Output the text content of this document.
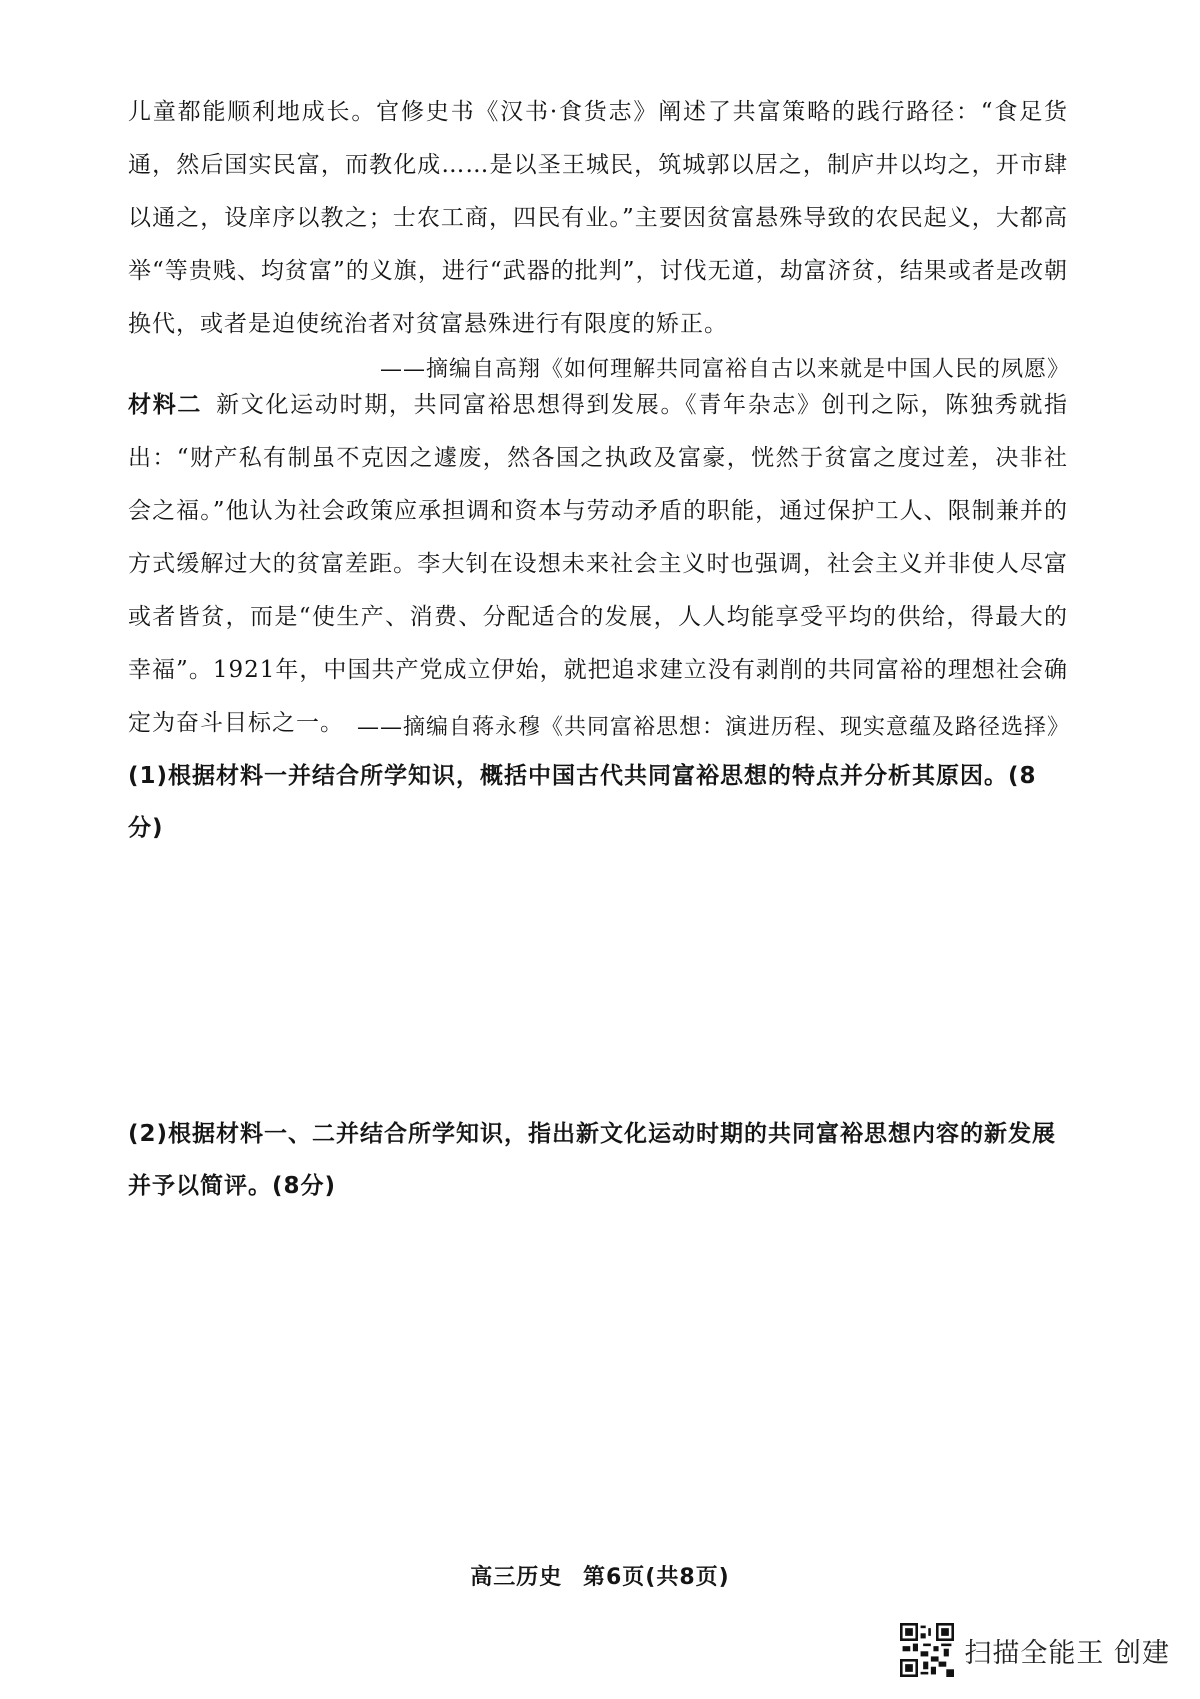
儿童都能顺利地成长。官修史书《汉书·食货志》阐述了共富策略的践行路径：“食足货通，然后国实民富，而教化成……是以圣王城民，筑城郭以居之，制庐井以均之，开市肆以通之，设庠序以教之；士农工商，四民有业。”主要因贫富悬殊导致的农民起义，大都高举“等贵贱、均贫富”的义旗，进行“武器的批判”，讨伐无道，劫富济贫，结果或者是改朝换代，或者是迫使统治者对贫富悬殊进行有限度的矫正。

——摘编自高翔《如何理解共同富裕自古以来就是中国人民的夙愿》

材料二 新文化运动时期，共同富裕思想得到发展。《青年杂志》创刊之际，陈独秀就指出：“财产私有制虽不克因之遽废，然各国之执政及富豪，恍然于贫富之度过差，决非社会之福。”他认为社会政策应承担调和资本与劳动矛盾的职能，通过保护工人、限制兼并的方式缓解过大的贫富差距。李大钊在设想未来社会主义时也强调，社会主义并非使人尽富或者皆贫，而是“使生产、消费、分配适合的发展，人人均能享受平均的供给，得最大的幸福”。1921年，中国共产党成立伊始，就把追求建立没有剥削的共同富裕的理想社会确定为奋斗目标之一。 ——摘编自蒋永穆《共同富裕思想：演进历程、现实意蕴及路径选择》

(1)根据材料一并结合所学知识，概括中国古代共同富裕思想的特点并分析其原因。(8分)

(2)根据材料一、二并结合所学知识，指出新文化运动时期的共同富裕思想内容的新发展并予以简评。(8分)

高三历史 第6页(共8页)
扫描全能王 创建
